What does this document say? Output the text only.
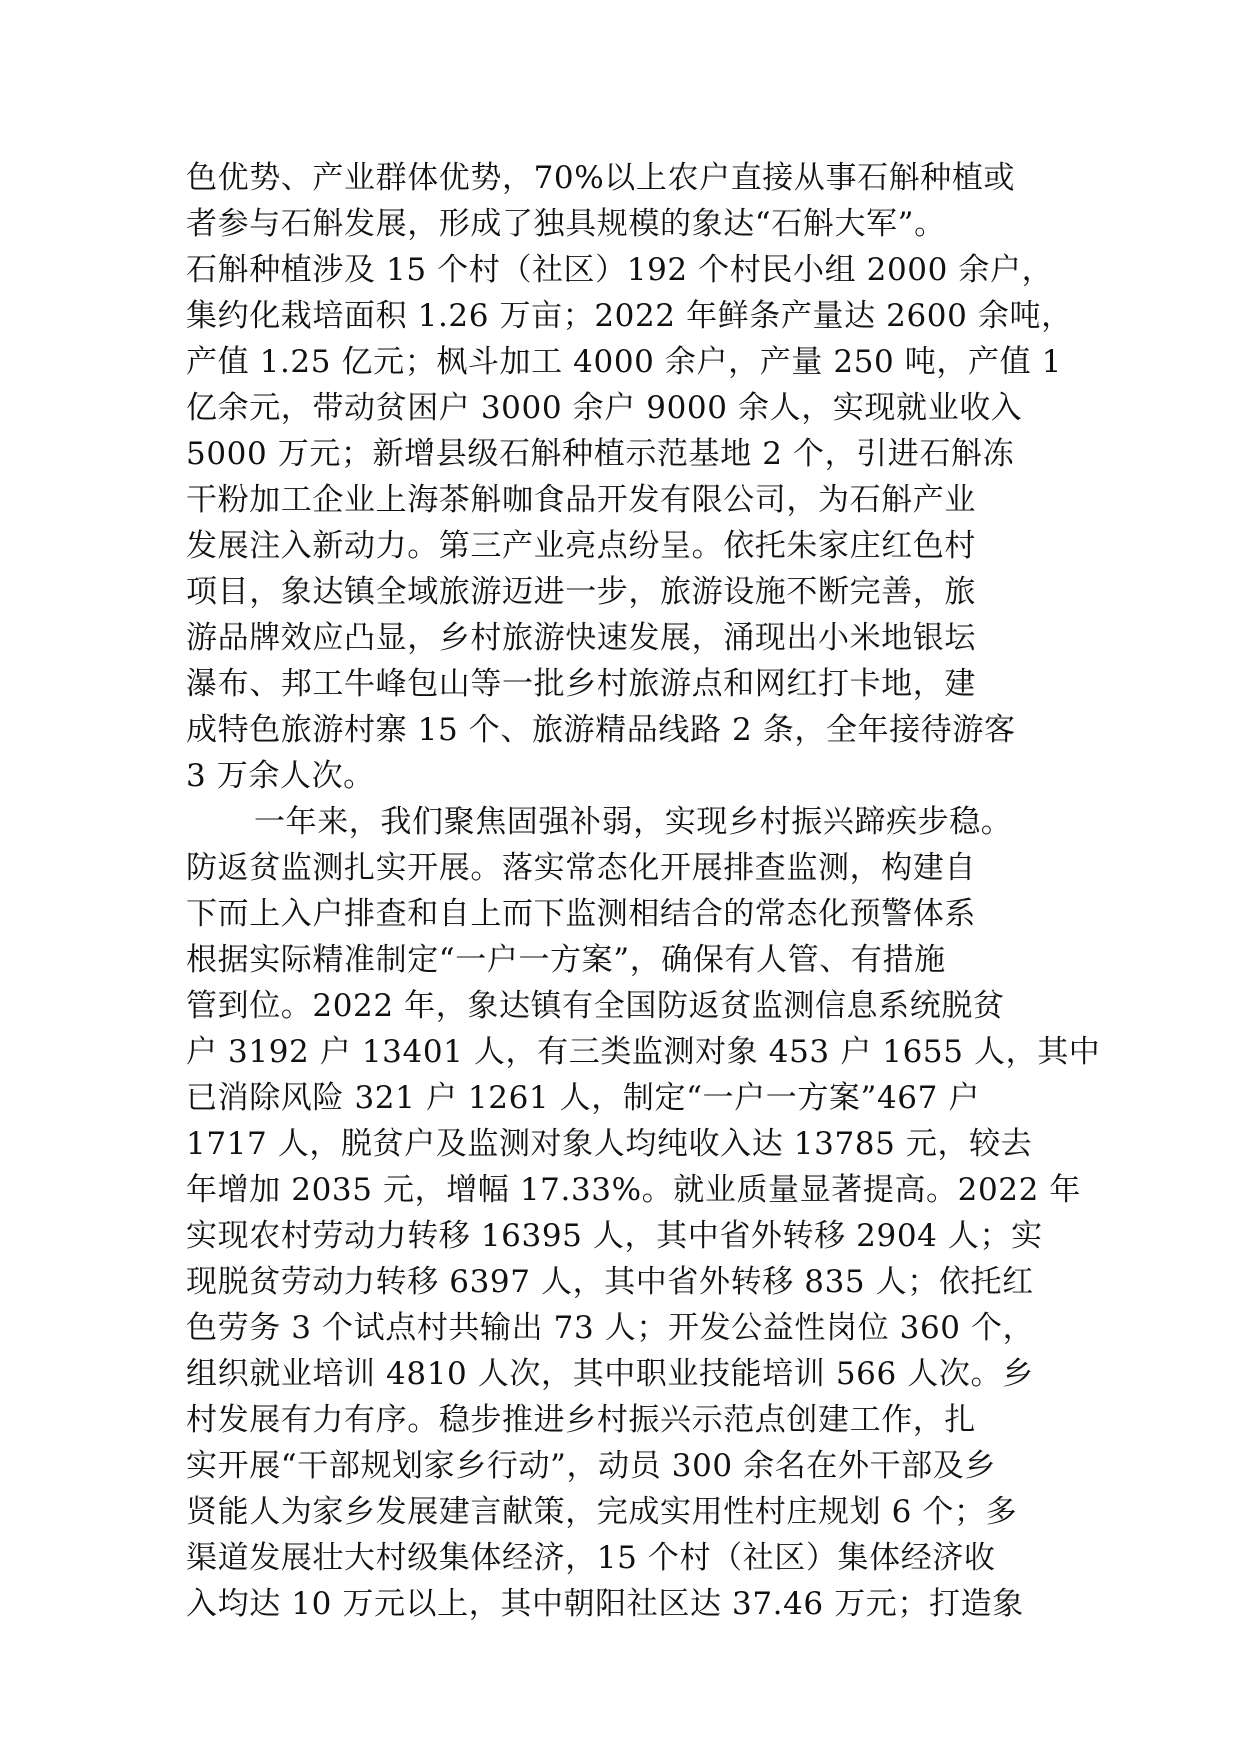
色优势、产业群体优势，70%以上农户直接从事石斛种植或
者参与石斛发展，形成了独具规模的象达“石斛大军”。
石斛种植涉及 15 个村（社区）192 个村民小组 2000 余户，
集约化栽培面积 1.26 万亩；2022 年鲜条产量达 2600 余吨，
产值 1.25 亿元；枫斗加工 4000 余户，产量 250 吨，产值 1
亿余元，带动贫困户 3000 余户 9000 余人，实现就业收入
5000 万元；新增县级石斛种植示范基地 2 个，引进石斛冻
干粉加工企业上海茶斛咖食品开发有限公司，为石斛产业
发展注入新动力。第三产业亮点纷呈。依托朱家庄红色村
项目，象达镇全域旅游迈进一步，旅游设施不断完善，旅
游品牌效应凸显，乡村旅游快速发展，涌现出小米地银坛
瀑布、邦工牛峰包山等一批乡村旅游点和网红打卡地，建
成特色旅游村寨 15 个、旅游精品线路 2 条，全年接待游客
3 万余人次。
一年来，我们聚焦固强补弱，实现乡村振兴蹄疾步稳。
防返贫监测扎实开展。落实常态化开展排查监测，构建自
下而上入户排查和自上而下监测相结合的常态化预警体系
根据实际精准制定“一户一方案”，确保有人管、有措施
管到位。2022 年，象达镇有全国防返贫监测信息系统脱贫
户 3192 户 13401 人，有三类监测对象 453 户 1655 人，其中
已消除风险 321 户 1261 人，制定“一户一方案”467 户
1717 人，脱贫户及监测对象人均纯收入达 13785 元，较去
年增加 2035 元，增幅 17.33%。就业质量显著提高。2022 年
实现农村劳动力转移 16395 人，其中省外转移 2904 人；实
现脱贫劳动力转移 6397 人，其中省外转移 835 人；依托红
色劳务 3 个试点村共输出 73 人；开发公益性岗位 360 个，
组织就业培训 4810 人次，其中职业技能培训 566 人次。乡
村发展有力有序。稳步推进乡村振兴示范点创建工作，扎
实开展“干部规划家乡行动”，动员 300 余名在外干部及乡
贤能人为家乡发展建言献策，完成实用性村庄规划 6 个；多
渠道发展壮大村级集体经济，15 个村（社区）集体经济收
入均达 10 万元以上，其中朝阳社区达 37.46 万元；打造象
